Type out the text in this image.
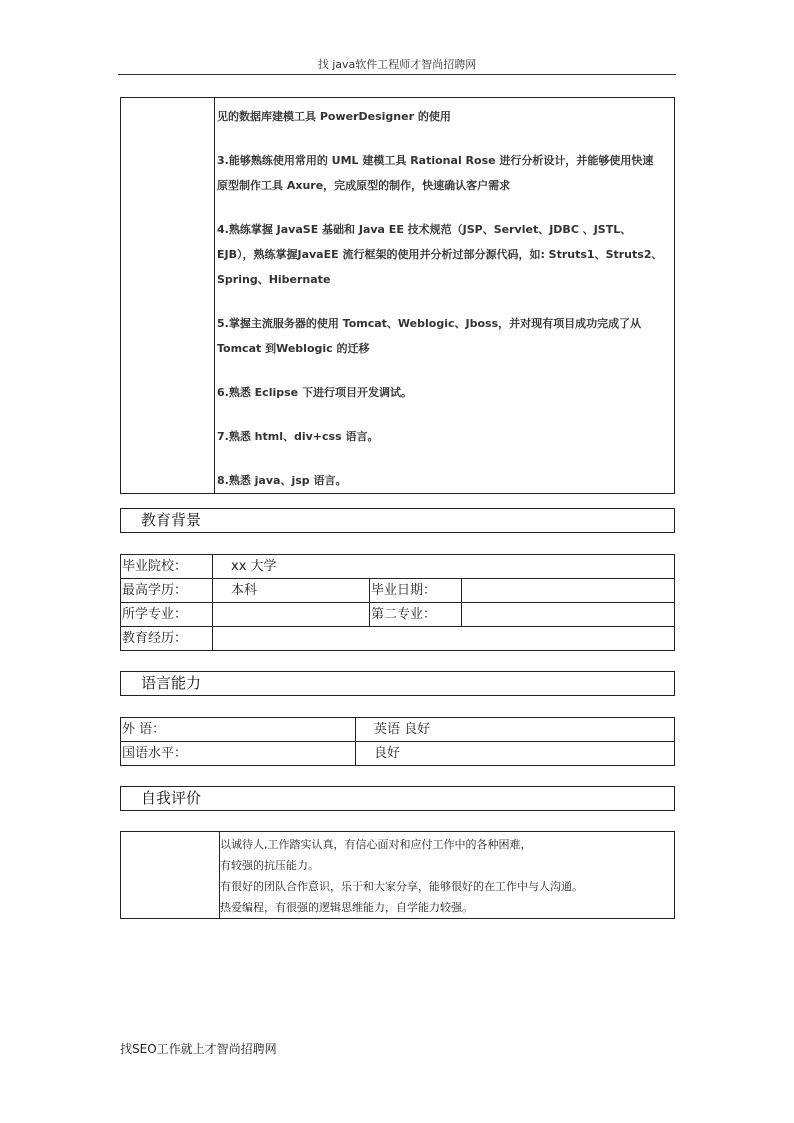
找 java软件工程师才智尚招聘网

见的数据库建模工具 PowerDesigner 的使用
3.能够熟练使用常用的 UML 建模工具 Rational Rose 进行分析设计，并能够使用快速
原型制作工具 Axure，完成原型的制作，快速确认客户需求
4.熟练掌握 JavaSE 基础和 Java EE 技术规范（JSP、Servlet、JDBC 、JSTL、
EJB），熟练掌握JavaEE 流行框架的使用并分析过部分源代码，如: Struts1、Struts2、
Spring、Hibernate
5.掌握主流服务器的使用 Tomcat、Weblogic、Jboss，并对现有项目成功完成了从
Tomcat 到Weblogic 的迁移
6.熟悉 Eclipse 下进行项目开发调试。
7.熟悉 html、div+css 语言。
8.熟悉 java、jsp 语言。
教育背景
毕业院校：	xx 大学		
最高学历：	本科	毕业日期：	
所学专业：		第二专业：	
教育经历：			
语言能力
外 语：	英语 良好
国语水平：	良好
自我评价

以诚待人,工作踏实认真，有信心面对和应付工作中的各种困难，
有较强的抗压能力。
有很好的团队合作意识，乐于和大家分享，能够很好的在工作中与人沟通。
热爱编程，有很强的逻辑思维能力，自学能力较强。
找SEO工作就上才智尚招聘网
